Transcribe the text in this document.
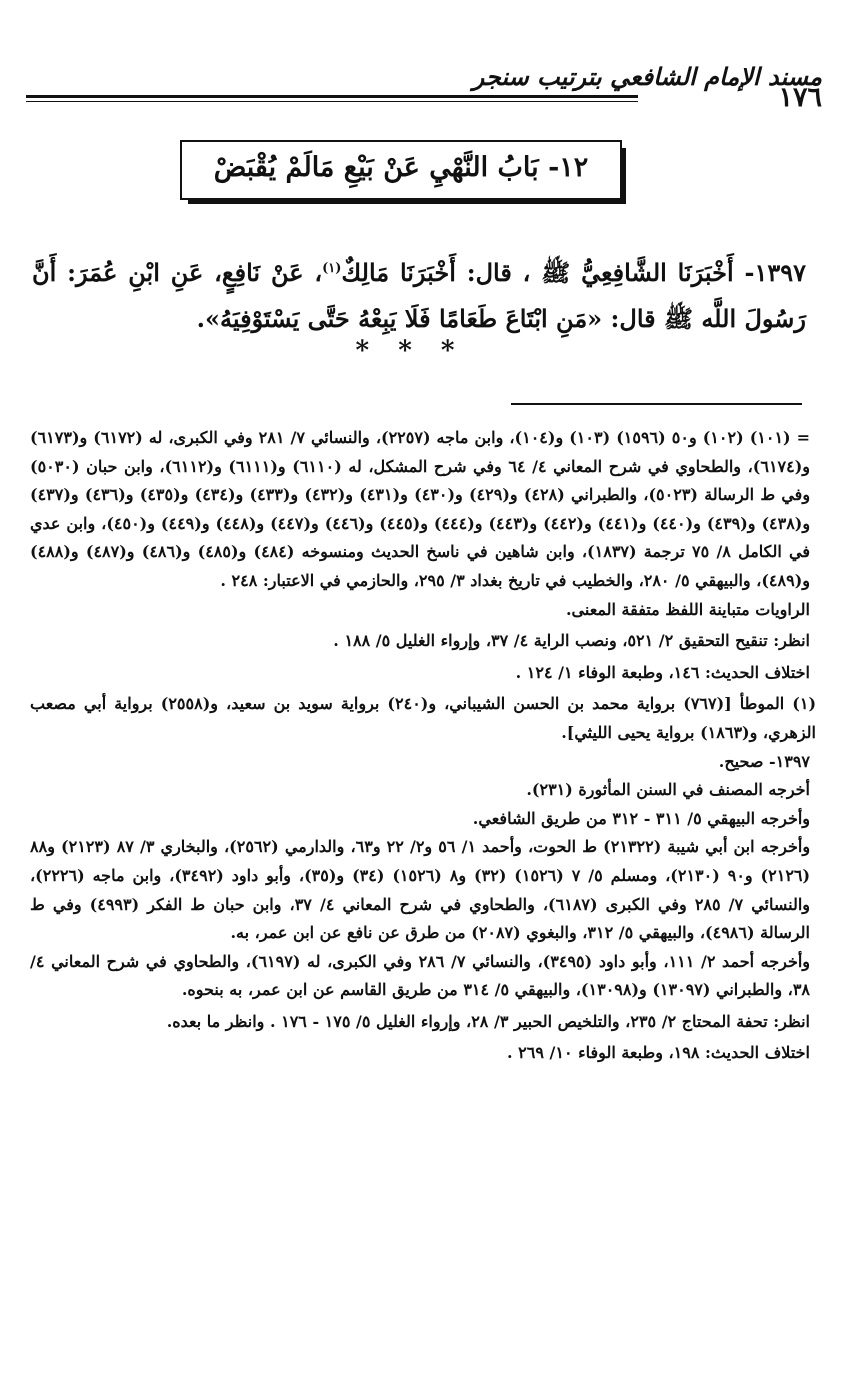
مسند الإمام الشافعي بترتيب سنجر
١٧٦
١٢- بَابُ النَّهْيِ عَنْ بَيْعِ مَالَمْ يُقْبَضْ
١٣٩٧- أَخْبَرَنَا الشَّافِعِيُّ ﷺ ، قال: أَخْبَرَنَا مَالِكٌ$^{(١)}$، عَنْ نَافِعٍ، عَنِ ابْنِ عُمَرَ: أَنَّ رَسُولَ اللَّه ﷺ قال: «مَنِ ابْتَاعَ طَعَامًا فَلَا يَبِعْهُ حَتَّى يَسْتَوْفِيَهُ».
* * *

= (١٠١) (١٠٢) و٥٠ (١٥٩٦) (١٠٣) و(١٠٤)، وابن ماجه (٢٢٥٧)، والنسائي ٧/ ٢٨١ وفي الكبرى، له (٦١٧٢) و(٦١٧٣) و(٦١٧٤)، والطحاوي في شرح المعاني ٤/ ٦٤ وفي شرح المشكل، له (٦١١٠) و(٦١١١) و(٦١١٢)، وابن حبان (٥٠٣٠) وفي ط الرسالة (٥٠٢٣)، والطبراني (٤٢٨) و(٤٢٩) و(٤٣٠) و(٤٣١) و(٤٣٢) و(٤٣٣) و(٤٣٤) و(٤٣٥) و(٤٣٦) و(٤٣٧) و(٤٣٨) و(٤٣٩) و(٤٤٠) و(٤٤١) و(٤٤٢) و(٤٤٣) و(٤٤٤) و(٤٤٥) و(٤٤٦) و(٤٤٧) و(٤٤٨) و(٤٤٩) و(٤٥٠)، وابن عدي في الكامل ٨/ ٧٥ ترجمة (١٨٣٧)، وابن شاهين في ناسخ الحديث ومنسوخه (٤٨٤) و(٤٨٥) و(٤٨٦) و(٤٨٧) و(٤٨٨) و(٤٨٩)، والبيهقي ٥/ ٢٨٠، والخطيب في تاريخ بغداد ٣/ ٢٩٥، والحازمي في الاعتبار: ٢٤٨ .

الراويات متباينة اللفظ متفقة المعنى.

انظر: تنقيح التحقيق ٢/ ٥٢١، ونصب الراية ٤/ ٣٧، وإرواء الغليل ٥/ ١٨٨ .

اختلاف الحديث: ١٤٦، وطبعة الوفاء ١/ ١٢٤ .

(١) الموطأ [(٧٦٧) برواية محمد بن الحسن الشيباني، و(٢٤٠) برواية سويد بن سعيد، و(٢٥٥٨) برواية أبي مصعب الزهري، و(١٨٦٣) برواية يحيى الليثي].

١٣٩٧- صحيح.

أخرجه المصنف في السنن المأثورة (٢٣١).

وأخرجه البيهقي ٥/ ٣١١ - ٣١٢ من طريق الشافعي.

وأخرجه ابن أبي شيبة (٢١٣٢٢) ط الحوت، وأحمد ١/ ٥٦ و٢/ ٢٢ و٦٣، والدارمي (٢٥٦٢)، والبخاري ٣/ ٨٧ (٢١٢٣) و٨٨ (٢١٢٦) و٩٠ (٢١٣٠)، ومسلم ٥/ ٧ (١٥٢٦) (٣٢) و٨ (١٥٢٦) (٣٤) و(٣٥)، وأبو داود (٣٤٩٢)، وابن ماجه (٢٢٢٦)، والنسائي ٧/ ٢٨٥ وفي الكبرى (٦١٨٧)، والطحاوي في شرح المعاني ٤/ ٣٧، وابن حبان ط الفكر (٤٩٩٣) وفي ط الرسالة (٤٩٨٦)، والبيهقي ٥/ ٣١٢، والبغوي (٢٠٨٧) من طرق عن نافع عن ابن عمر، به.

وأخرجه أحمد ٢/ ١١١، وأبو داود (٣٤٩٥)، والنسائي ٧/ ٢٨٦ وفي الكبرى، له (٦١٩٧)، والطحاوي في شرح المعاني ٤/ ٣٨، والطبراني (١٣٠٩٧) و(١٣٠٩٨)، والبيهقي ٥/ ٣١٤ من طريق القاسم عن ابن عمر، به بنحوه.

انظر: تحفة المحتاج ٢/ ٢٣٥، والتلخيص الحبير ٣/ ٢٨، وإرواء الغليل ٥/ ١٧٥ - ١٧٦ . وانظر ما بعده.

اختلاف الحديث: ١٩٨، وطبعة الوفاء ١٠/ ٢٦٩ .
